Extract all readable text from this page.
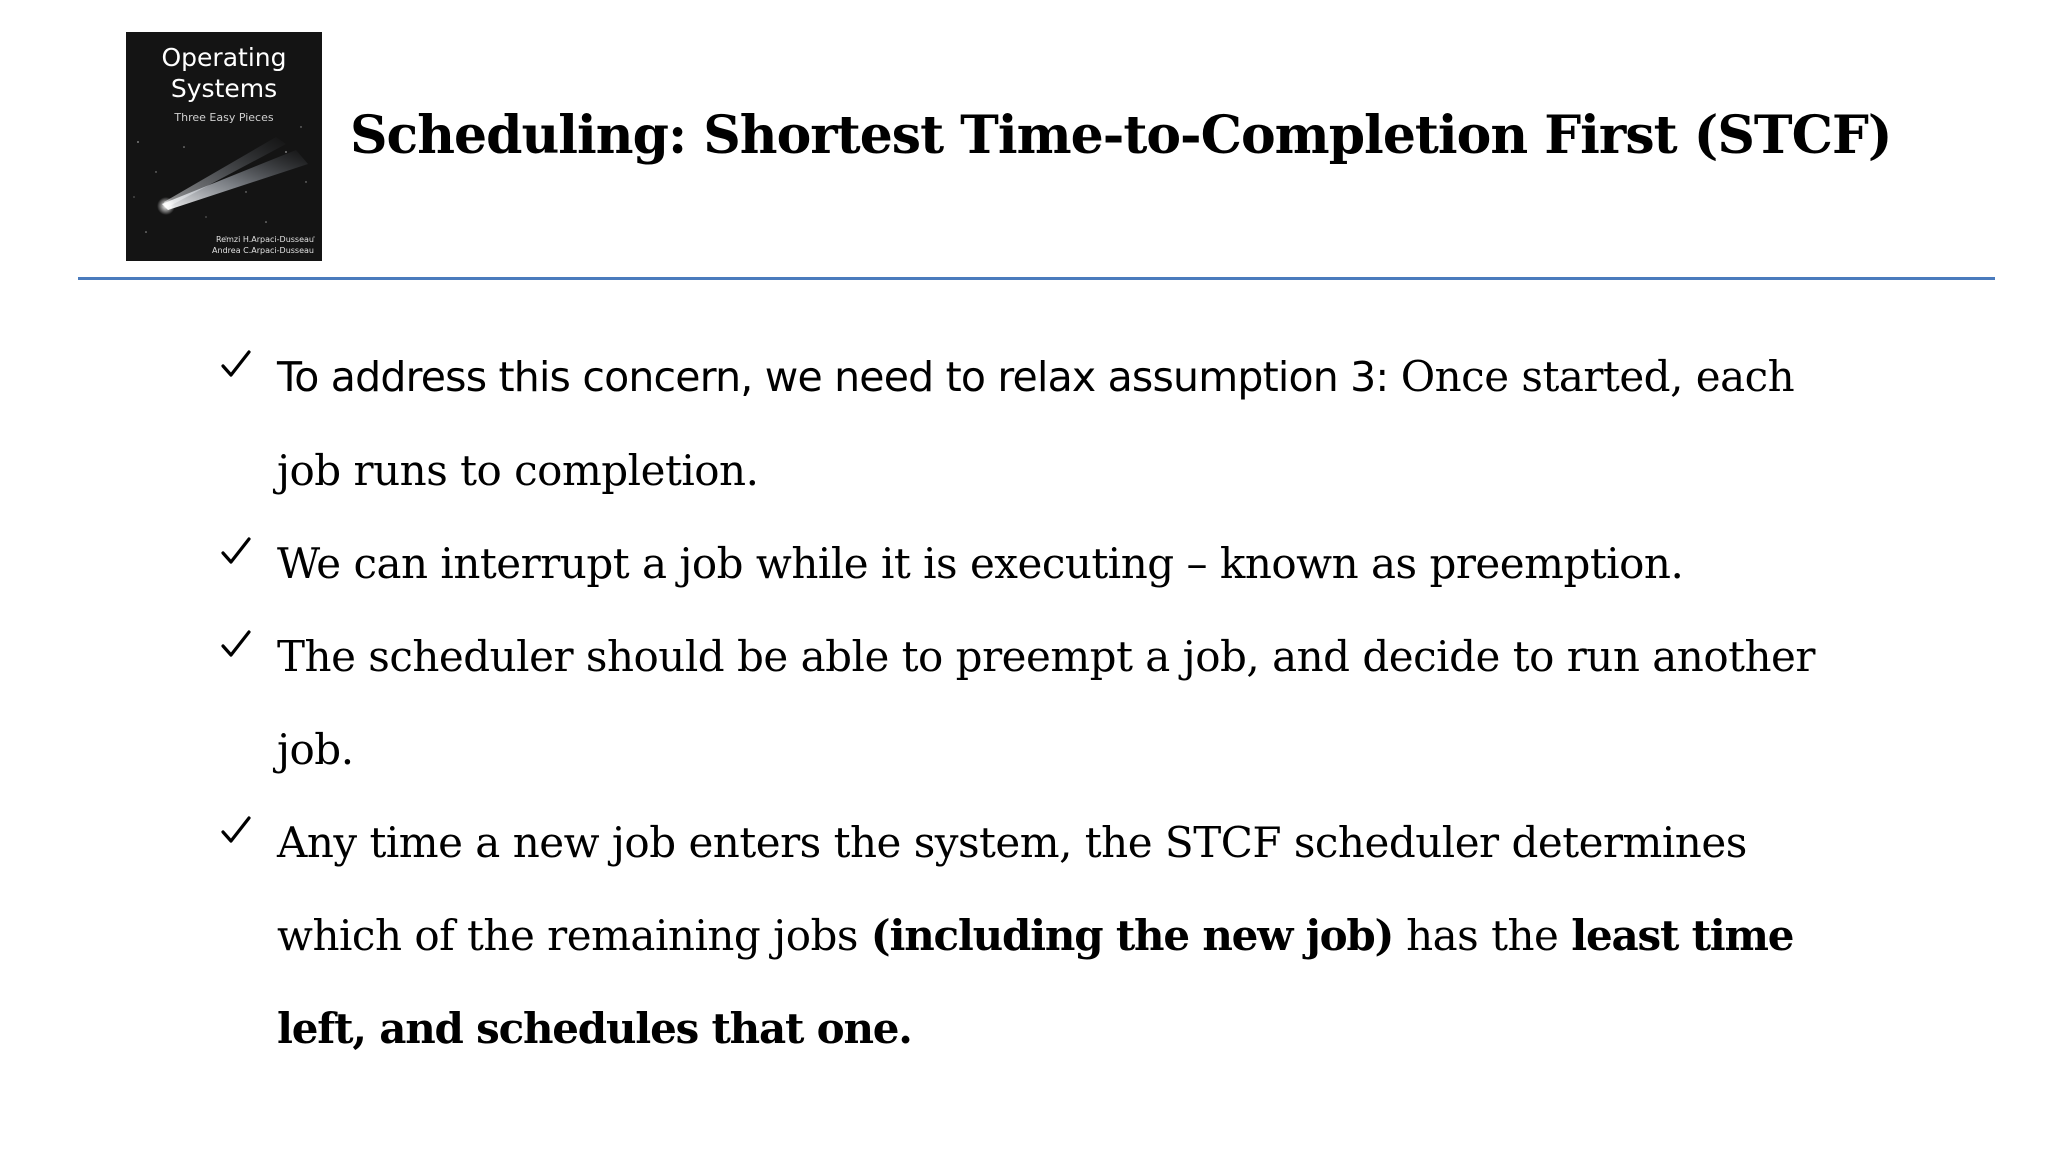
Operating
Systems
Three Easy Pieces
Remzi H.Arpaci-Dusseau
Andrea C.Arpaci-Dusseau
Scheduling: Shortest Time-to-Completion First (STCF)
To address this concern, we need to relax assumption 3: Once started, each job runs to completion.
We can interrupt a job while it is executing – known as preemption.
The scheduler should be able to preempt a job, and decide to run another job.
Any time a new job enters the system, the STCF scheduler determines which of the remaining jobs (including the new job) has the least time left, and schedules that one.
